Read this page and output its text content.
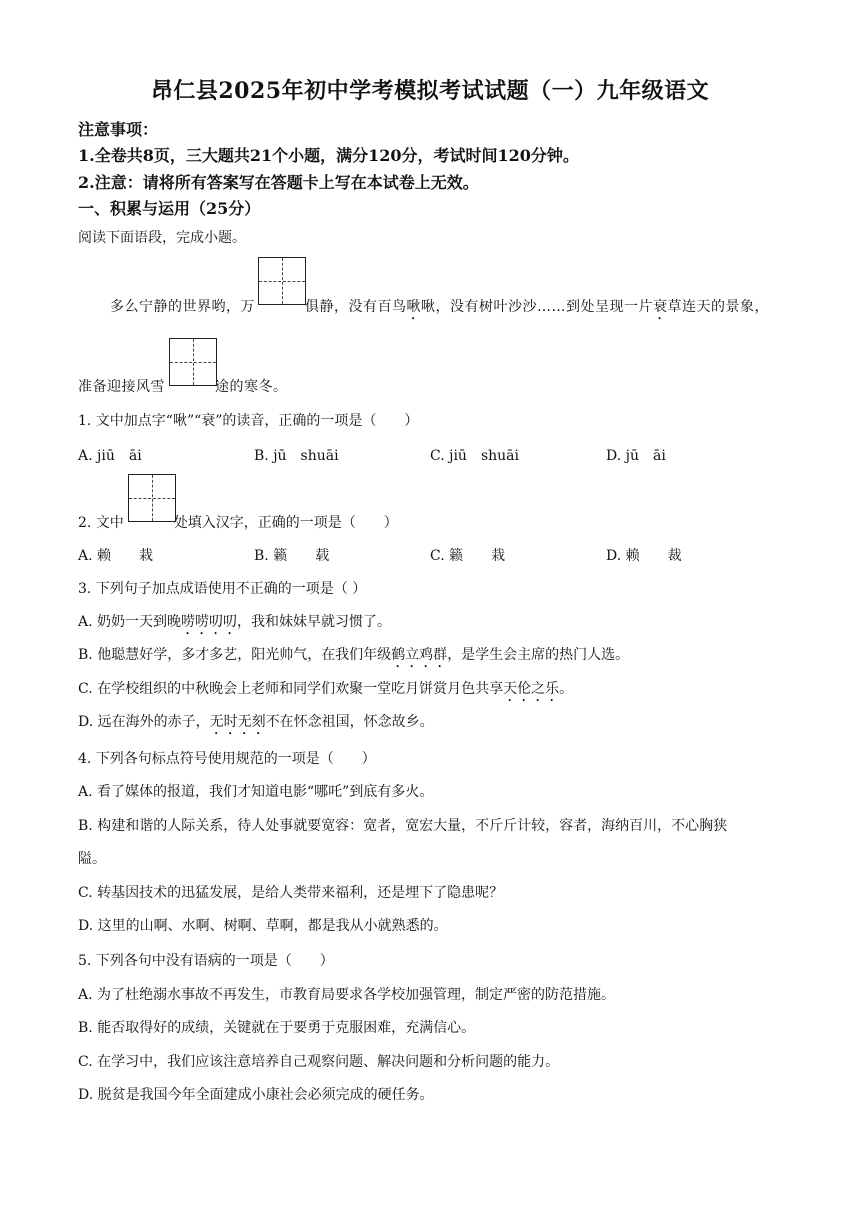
昂仁县2025年初中学考模拟考试试题（一）九年级语文
注意事项：
1.全卷共8页，三大题共21个小题，满分120分，考试时间120分钟。
2.注意：请将所有答案写在答题卡上写在本试卷上无效。
一、积累与运用（25分）
阅读下面语段，完成小题。
多么宁静的世界哟，万	俱静，没有百鸟啾啾，没有树叶沙沙……到处呈现一片衰草连天的景象，
准备迎接风雪	途的寒冬。
1. 文中加点字“啾”“衰”的读音，正确的一项是（　　）
A. jiū　āi	B. jū　shuāi	C. jiū　shuāi	D. jū　āi
2. 文中	处填入汉字，正确的一项是（　　）
A. 赖　　栽	B. 籁　　载	C. 籁　　栽	D. 赖　　裁
3. 下列句子加点成语使用不正确的一项是（ ）
A. 奶奶一天到晚唠唠叨叨，我和妹妹早就习惯了。
B. 他聪慧好学，多才多艺，阳光帅气，在我们年级鹤立鸡群，是学生会主席的热门人选。
C. 在学校组织的中秋晚会上老师和同学们欢聚一堂吃月饼赏月色共享天伦之乐。
D. 远在海外的赤子，无时无刻不在怀念祖国，怀念故乡。
4. 下列各句标点符号使用规范的一项是（　　）
A. 看了媒体的报道，我们才知道电影“哪吒”到底有多火。
B. 构建和谐的人际关系，待人处事就要宽容：宽者，宽宏大量，不斤斤计较，容者，海纳百川，不心胸狭
隘。
C. 转基因技术的迅猛发展，是给人类带来福利，还是埋下了隐患呢？
D. 这里的山啊、水啊、树啊、草啊，都是我从小就熟悉的。
5. 下列各句中没有语病的一项是（　　）
A. 为了杜绝溺水事故不再发生，市教育局要求各学校加强管理，制定严密的防范措施。
B. 能否取得好的成绩，关键就在于要勇于克服困难，充满信心。
C. 在学习中，我们应该注意培养自己观察问题、解决问题和分析问题的能力。
D. 脱贫是我国今年全面建成小康社会必须完成的硬任务。
